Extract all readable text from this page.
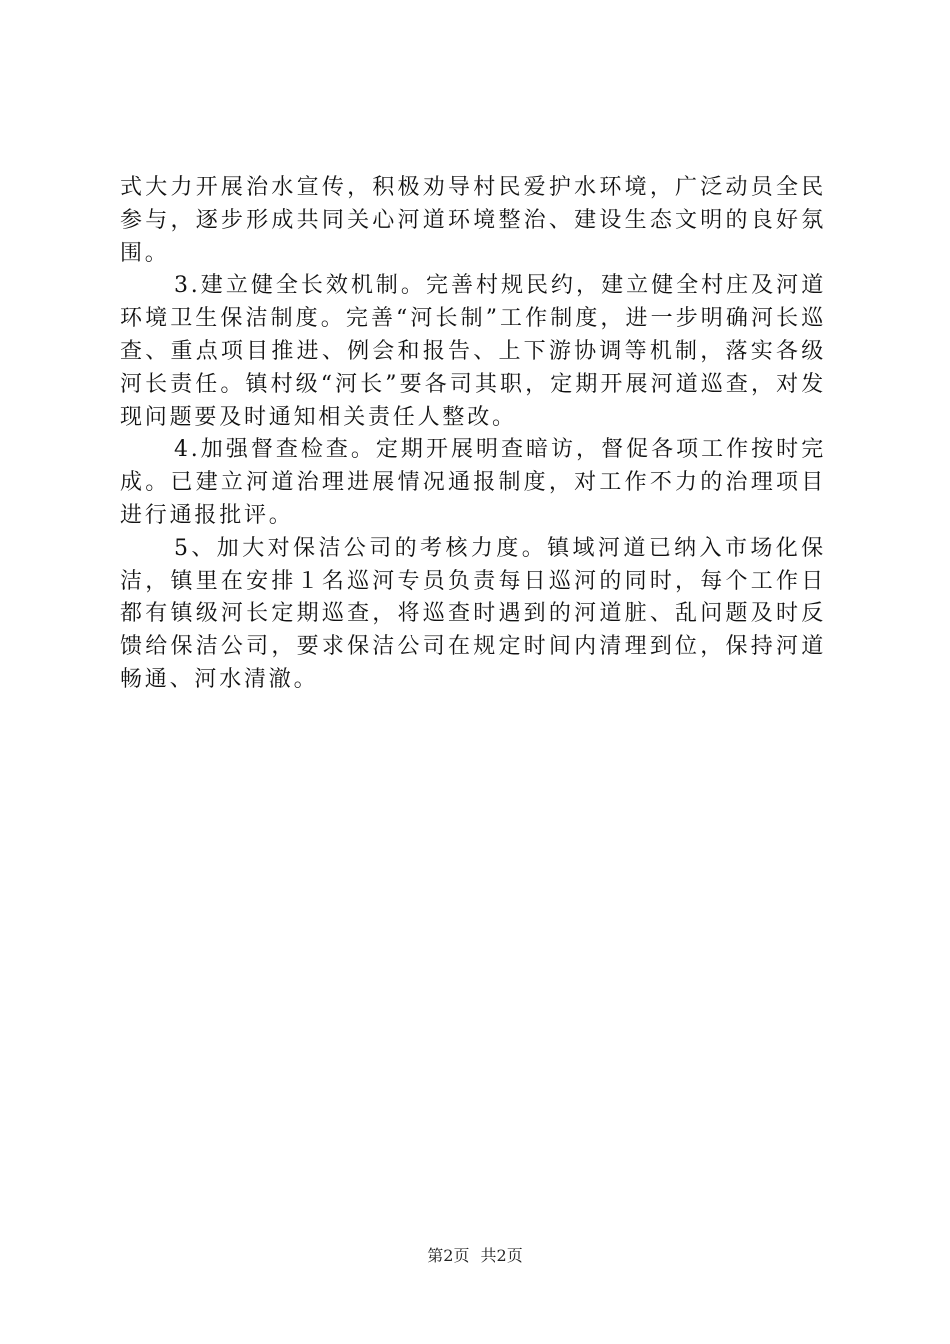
式大力开展治水宣传，积极劝导村民爱护水环境，广泛动员全民参与，逐步形成共同关心河道环境整治、建设生态文明的良好氛围。

3.建立健全长效机制。完善村规民约，建立健全村庄及河道环境卫生保洁制度。完善“河长制”工作制度，进一步明确河长巡查、重点项目推进、例会和报告、上下游协调等机制，落实各级河长责任。镇村级“河长”要各司其职，定期开展河道巡查，对发现问题要及时通知相关责任人整改。

4.加强督查检查。定期开展明查暗访，督促各项工作按时完成。已建立河道治理进展情况通报制度，对工作不力的治理项目进行通报批评。

5、加大对保洁公司的考核力度。镇域河道已纳入市场化保洁，镇里在安排１名巡河专员负责每日巡河的同时，每个工作日都有镇级河长定期巡查，将巡查时遇到的河道脏、乱问题及时反馈给保洁公司，要求保洁公司在规定时间内清理到位，保持河道畅通、河水清澈。

第2页 共2页
